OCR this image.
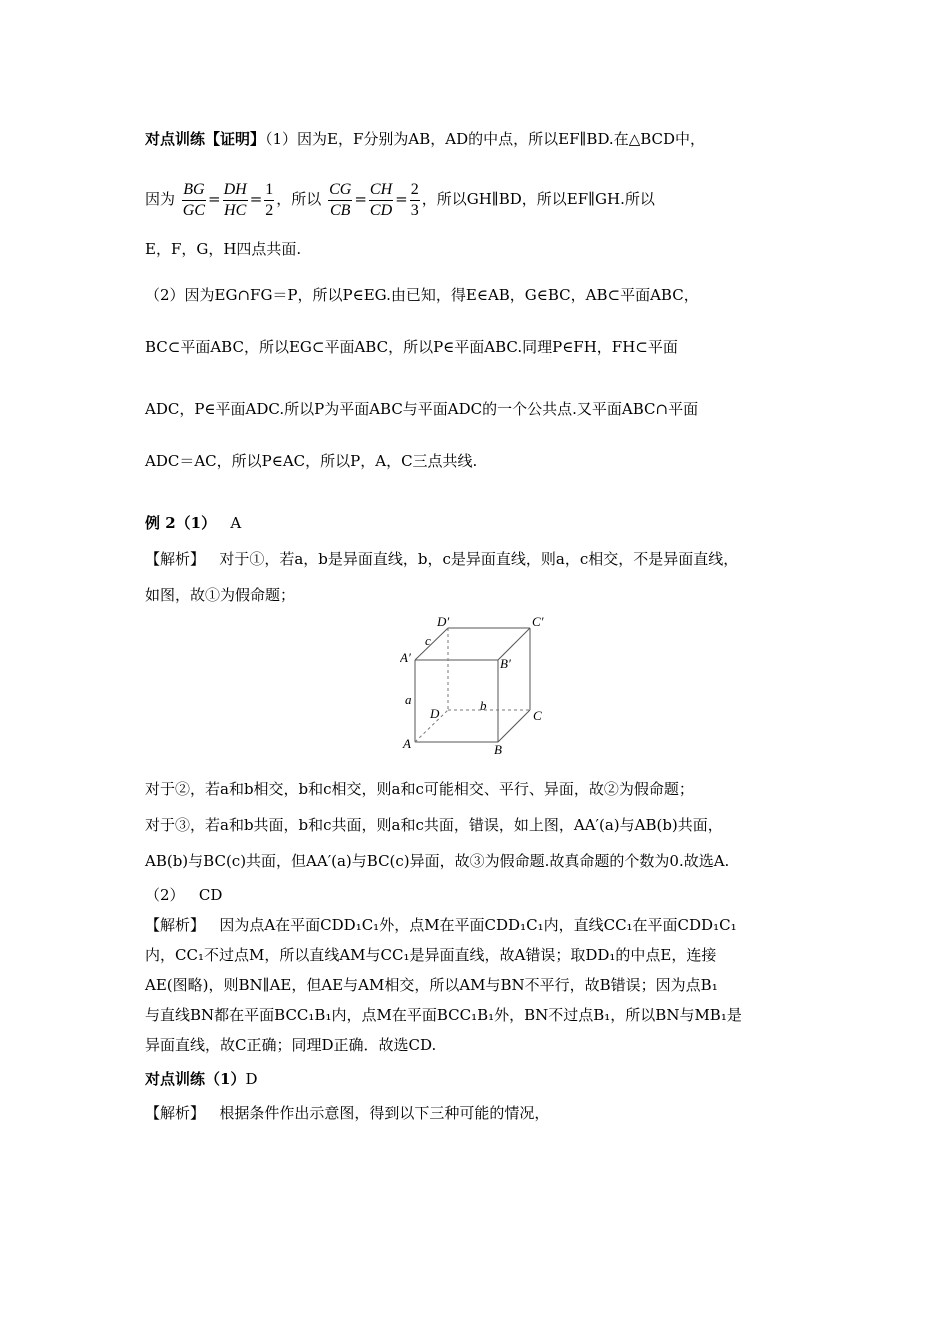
对点训练【证明】（1）因为E，F分别为AB，AD的中点，所以EF∥BD.在△BCD中，
因为 $\frac{BG}{GC} = \frac{DH}{HC} = \frac{1}{2}$ ，所以 $\frac{CG}{CB} = \frac{CH}{CD} = \frac{2}{3}$ ，所以GH∥BD，所以EF∥GH.所以
E，F，G，H四点共面.
（2）因为EG∩FG＝P，所以P∈EG.由已知，得E∈AB，G∈BC，AB⊂平面ABC，
BC⊂平面ABC，所以EG⊂平面ABC，所以P∈平面ABC.同理P∈FH，FH⊂平面
ADC，P∈平面ADC.所以P为平面ABC与平面ADC的一个公共点.又平面ABC∩平面
ADC＝AC，所以P∈AC，所以P，A，C三点共线.
例 2（1） A
【解析】 对于①，若a，b是异面直线，b，c是异面直线，则a，c相交，不是异面直线，
如图，故①为假命题；
对于②，若a和b相交，b和c相交，则a和c可能相交、平行、异面，故②为假命题；
对于③，若a和b共面，b和c共面，则a和c共面，错误，如上图，AA′(a)与AB(b)共面，
AB(b)与BC(c)共面，但AA′(a)与BC(c)异面，故③为假命题.故真命题的个数为0.故选A.
（2） CD
【解析】 因为点A在平面CDD₁C₁外，点M在平面CDD₁C₁内，直线CC₁在平面CDD₁C₁
内，CC₁不过点M，所以直线AM与CC₁是异面直线，故A错误；取DD₁的中点E，连接
AE(图略)，则BN∥AE，但AE与AM相交，所以AM与BN不平行，故B错误；因为点B₁
与直线BN都在平面BCC₁B₁内，点M在平面BCC₁B₁外，BN不过点B₁，所以BN与MB₁是
异面直线，故C正确；同理D正确．故选CD.
对点训练（1）D
【解析】 根据条件作出示意图，得到以下三种可能的情况，
D′	C′
c
A′	B′
a
D
b
C
A	B
